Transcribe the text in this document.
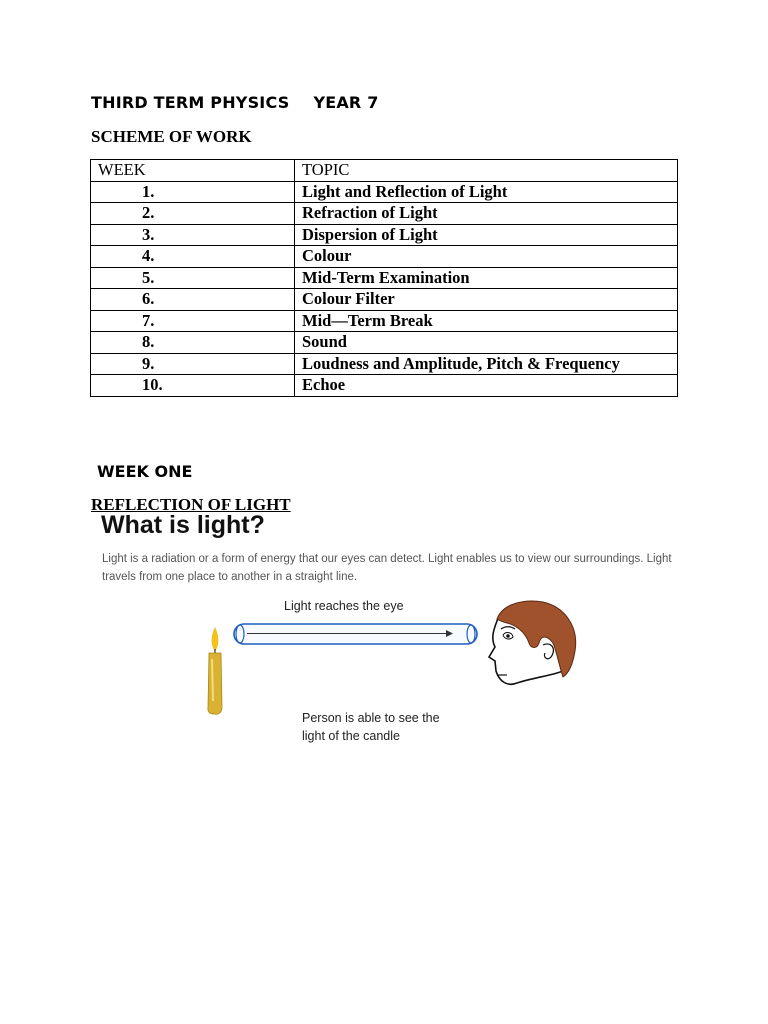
THIRD TERM PHYSICS YEAR 7
SCHEME OF WORK
WEEK	TOPIC
1.	Light and Reflection of Light
2.	Refraction of Light
3.	Dispersion of Light
4.	Colour
5.	Mid-Term Examination
6.	Colour Filter
7.	Mid—Term Break
8.	Sound
9.	Loudness and Amplitude, Pitch & Frequency
10.	Echoe
WEEK ONE
REFLECTION OF LIGHT
What is light?
Light is a radiation or a form of energy that our eyes can detect. Light enables us to view our surroundings. Light travels from one place to another in a straight line.
Light reaches the eye
Person is able to see the light of the candle
